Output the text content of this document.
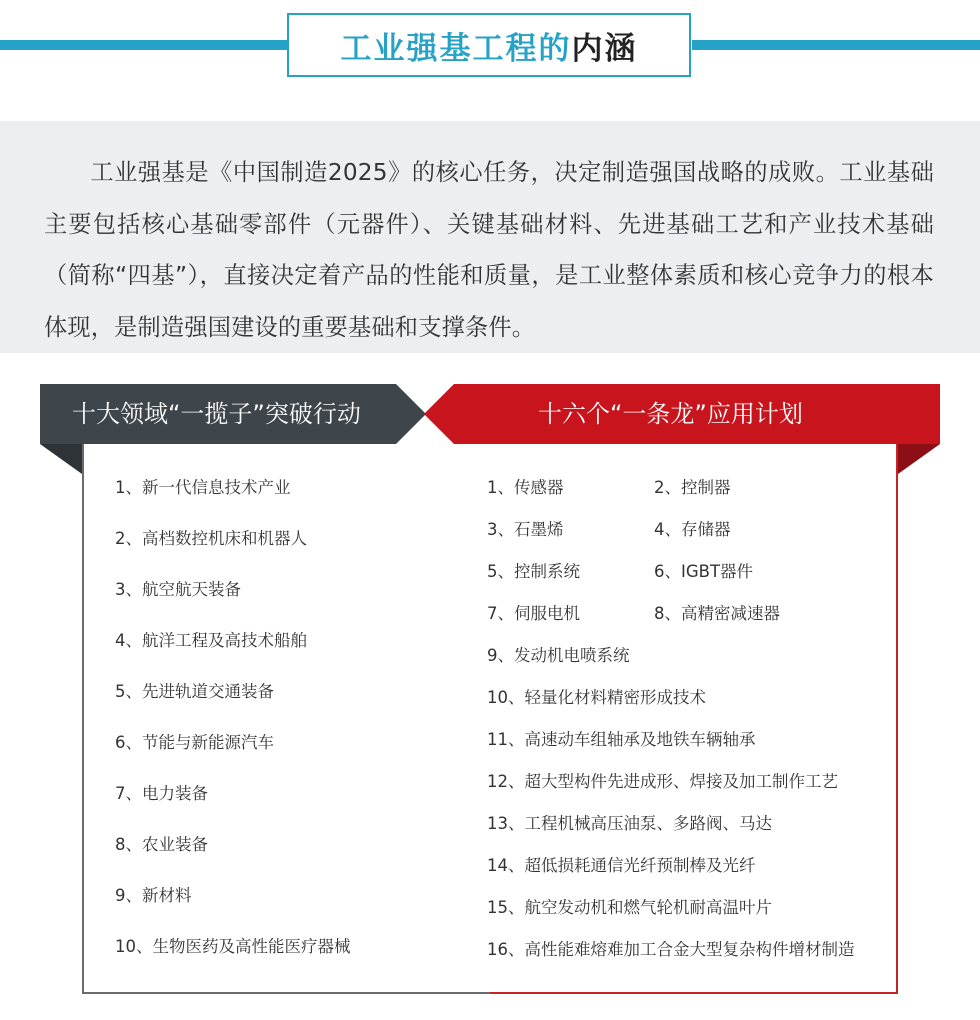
工业强基工程的 内涵

工业强基是《中国制造2025》的核心任务，决定制造强国战略的成败。工业基础主要包括核心基础零部件（元器件）、关键基础材料、先进基础工艺和产业技术基础（简称“四基”），直接决定着产品的性能和质量，是工业整体素质和核心竞争力的根本体现，是制造强国建设的重要基础和支撑条件。

十大领域“一揽子”突破行动	十六个“一条龙”应用计划
1、新一代信息技术产业
2、高档数控机床和机器人
3、航空航天装备
4、航洋工程及高技术船舶
5、先进轨道交通装备
6、节能与新能源汽车
7、电力装备
8、农业装备
9、新材料
10、生物医药及高性能医疗器械
1、传感器	2、控制器
3、石墨烯	4、存储器
5、控制系统	6、IGBT器件
7、伺服电机	8、高精密减速器
9、发动机电喷系统
10、轻量化材料精密形成技术
11、高速动车组轴承及地铁车辆轴承
12、超大型构件先进成形、焊接及加工制作工艺
13、工程机械高压油泵、多路阀、马达
14、超低损耗通信光纤预制棒及光纤
15、航空发动机和燃气轮机耐高温叶片
16、高性能难熔难加工合金大型复杂构件增材制造
